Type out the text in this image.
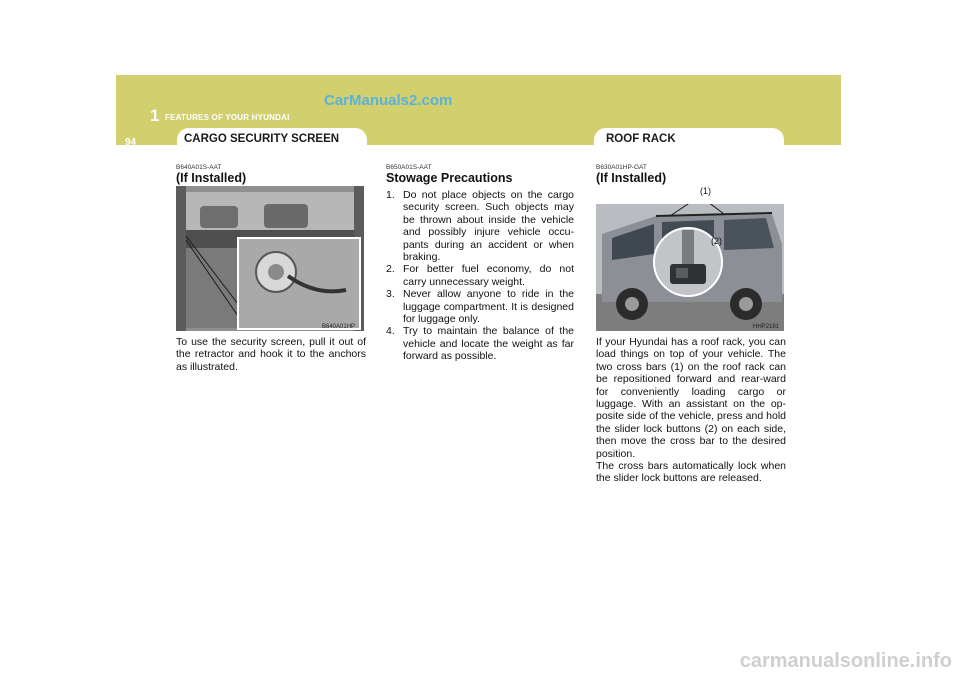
CarManuals2.com
1 FEATURES OF YOUR HYUNDAI
94	CARGO SECURITY SCREEN	ROOF RACK
B640A01S-AAT
(If Installed)
B640A01HP
To use the security screen, pull it out of the retractor and hook it to the anchors as illustrated.
B650A01S-AAT
Stowage Precautions
1. Do not place objects on the cargo security screen. Such objects may be thrown about inside the vehicle and possibly injure vehicle occu-pants during an accident or when braking.
2. For better fuel economy, do not carry unnecessary weight.
3. Never allow anyone to ride in the luggage compartment. It is designed for luggage only.
4. Try to maintain the balance of the vehicle and locate the weight as far forward as possible.
B630A01HP-GAT
(If Installed)
(1)
(2)
HHP2181
If your Hyundai has a roof rack, you can load things on top of your vehicle. The two cross bars (1) on the roof rack can be repositioned forward and rear-ward for conveniently loading cargo or luggage. With an assistant on the op-posite side of the vehicle, press and hold the slider lock buttons (2) on each side, then move the cross bar to the desired position.
The cross bars automatically lock when the slider lock buttons are released.
carmanualsonline.info
